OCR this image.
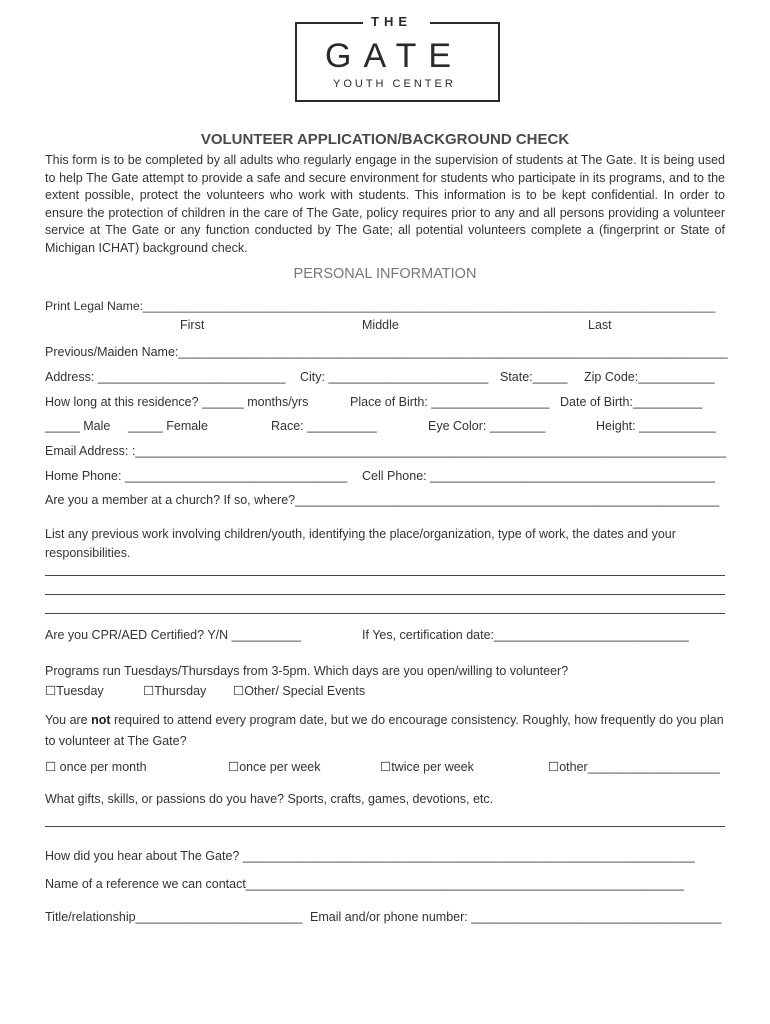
THE
GATE
YOUTH CENTER
VOLUNTEER APPLICATION/BACKGROUND CHECK
This form is to be completed by all adults who regularly engage in the supervision of students at The Gate. It is being used to help The Gate attempt to provide a safe and secure environment for students who participate in its programs, and to the extent possible, protect the volunteers who work with students. This information is to be kept confidential. In order to ensure the protection of children in the care of The Gate, policy requires prior to any and all persons providing a volunteer service at The Gate or any function conducted by The Gate; all potential volunteers complete a (fingerprint or State of Michigan ICHAT) background check.
PERSONAL INFORMATION
Print Legal Name:____________________________________________________________________________________
First	Middle	Last
Previous/Maiden Name:_______________________________________________________________________________
Address: ___________________________ City: _______________________ State:_____ Zip Code:___________
How long at this residence? ______ months/yrs	Place of Birth: _________________ Date of Birth:__________
_____ Male _____ Female	Race: __________	Eye Color: ________	Height: ___________
Email Address: :_____________________________________________________________________________________
Home Phone: ________________________________ Cell Phone: _________________________________________
Are you a member at a church? If so, where?_____________________________________________________________
List any previous work involving children/youth, identifying the place/organization, type of work, the dates and your responsibilities.
Are you CPR/AED Certified? Y/N __________	If Yes, certification date:____________________________
Programs run Tuesdays/Thursdays from 3-5pm. Which days are you open/willing to volunteer?
☐Tuesday	☐Thursday ☐Other/ Special Events
You are not required to attend every program date, but we do encourage consistency. Roughly, how frequently do you plan to volunteer at The Gate?
☐ once per month	☐once per week	☐twice per week	☐other___________________
What gifts, skills, or passions do you have? Sports, crafts, games, devotions, etc.
How did you hear about The Gate? _________________________________________________________________
Name of a reference we can contact_______________________________________________________________
Title/relationship________________________ Email and/or phone number: ____________________________________
